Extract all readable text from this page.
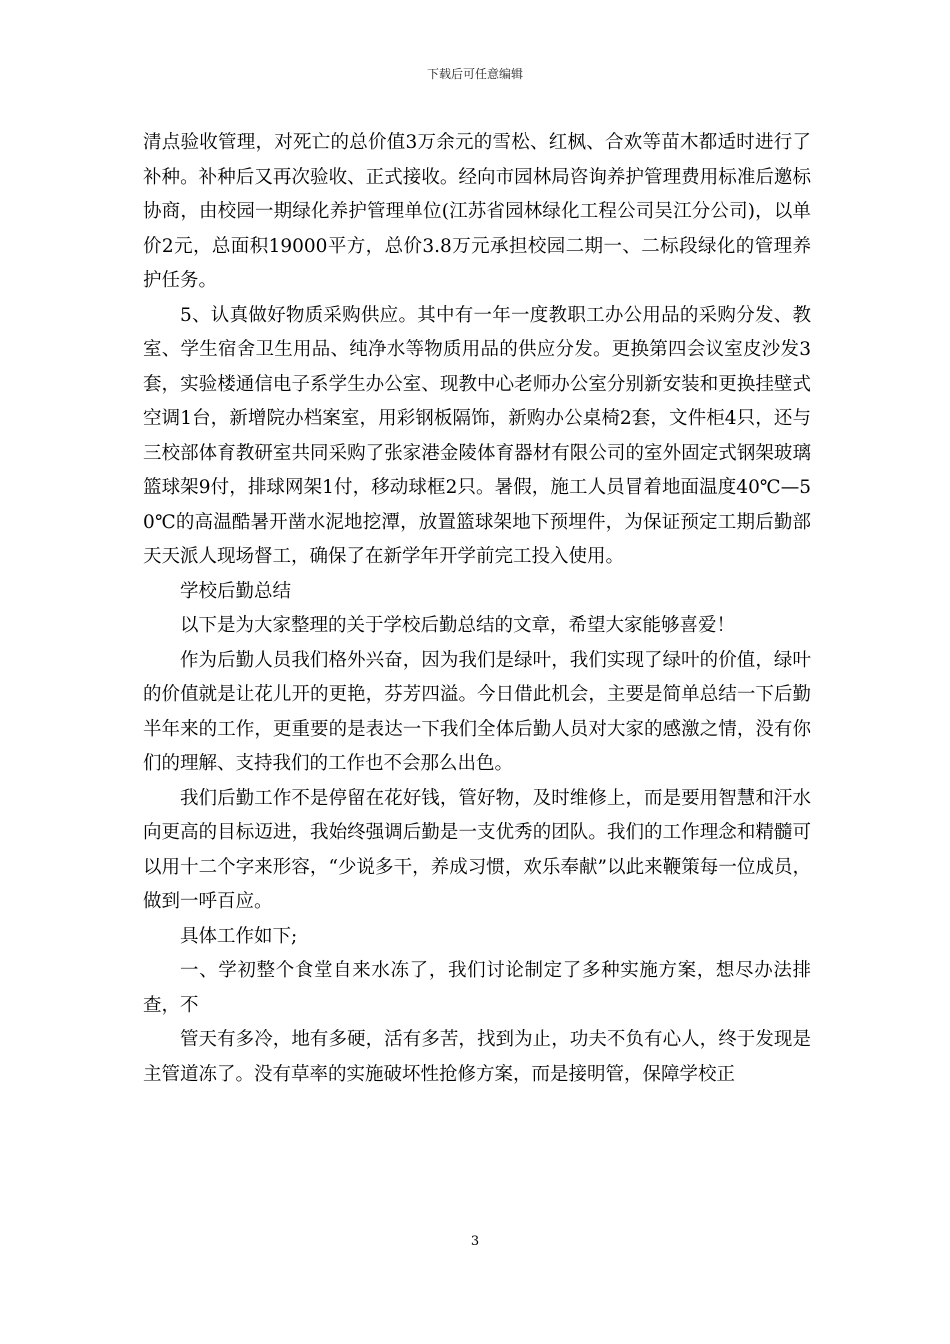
下载后可任意编辑

清点验收管理，对死亡的总价值3万余元的雪松、红枫、合欢等苗木都适时进行了补种。补种后又再次验收、正式接收。经向市园林局咨询养护管理费用标准后邀标协商，由校园一期绿化养护管理单位(江苏省园林绿化工程公司吴江分公司)，以单价2元，总面积19000平方，总价3.8万元承担校园二期一、二标段绿化的管理养护任务。

5、认真做好物质采购供应。其中有一年一度教职工办公用品的采购分发、教室、学生宿舍卫生用品、纯净水等物质用品的供应分发。更换第四会议室皮沙发3套，实验楼通信电子系学生办公室、现教中心老师办公室分别新安装和更换挂壁式空调1台，新增院办档案室，用彩钢板隔饰，新购办公桌椅2套，文件柜4只，还与三校部体育教研室共同采购了张家港金陵体育器材有限公司的室外固定式钢架玻璃篮球架9付，排球网架1付，移动球框2只。暑假，施工人员冒着地面温度40℃—50℃的高温酷暑开凿水泥地挖潭，放置篮球架地下预埋件，为保证预定工期后勤部天天派人现场督工，确保了在新学年开学前完工投入使用。

学校后勤总结

以下是为大家整理的关于学校后勤总结的文章，希望大家能够喜爱！

作为后勤人员我们格外兴奋，因为我们是绿叶，我们实现了绿叶的价值，绿叶的价值就是让花儿开的更艳，芬芳四溢。今日借此机会，主要是简单总结一下后勤半年来的工作，更重要的是表达一下我们全体后勤人员对大家的感激之情，没有你们的理解、支持我们的工作也不会那么出色。

我们后勤工作不是停留在花好钱，管好物，及时维修上，而是要用智慧和汗水向更高的目标迈进，我始终强调后勤是一支优秀的团队。我们的工作理念和精髓可以用十二个字来形容，“少说多干，养成习惯，欢乐奉献”以此来鞭策每一位成员，做到一呼百应。

具体工作如下;

一、学初整个食堂自来水冻了，我们讨论制定了多种实施方案，想尽办法排查，不

管天有多冷，地有多硬，活有多苦，找到为止，功夫不负有心人，终于发现是主管道冻了。没有草率的实施破坏性抢修方案，而是接明管，保障学校正

3
